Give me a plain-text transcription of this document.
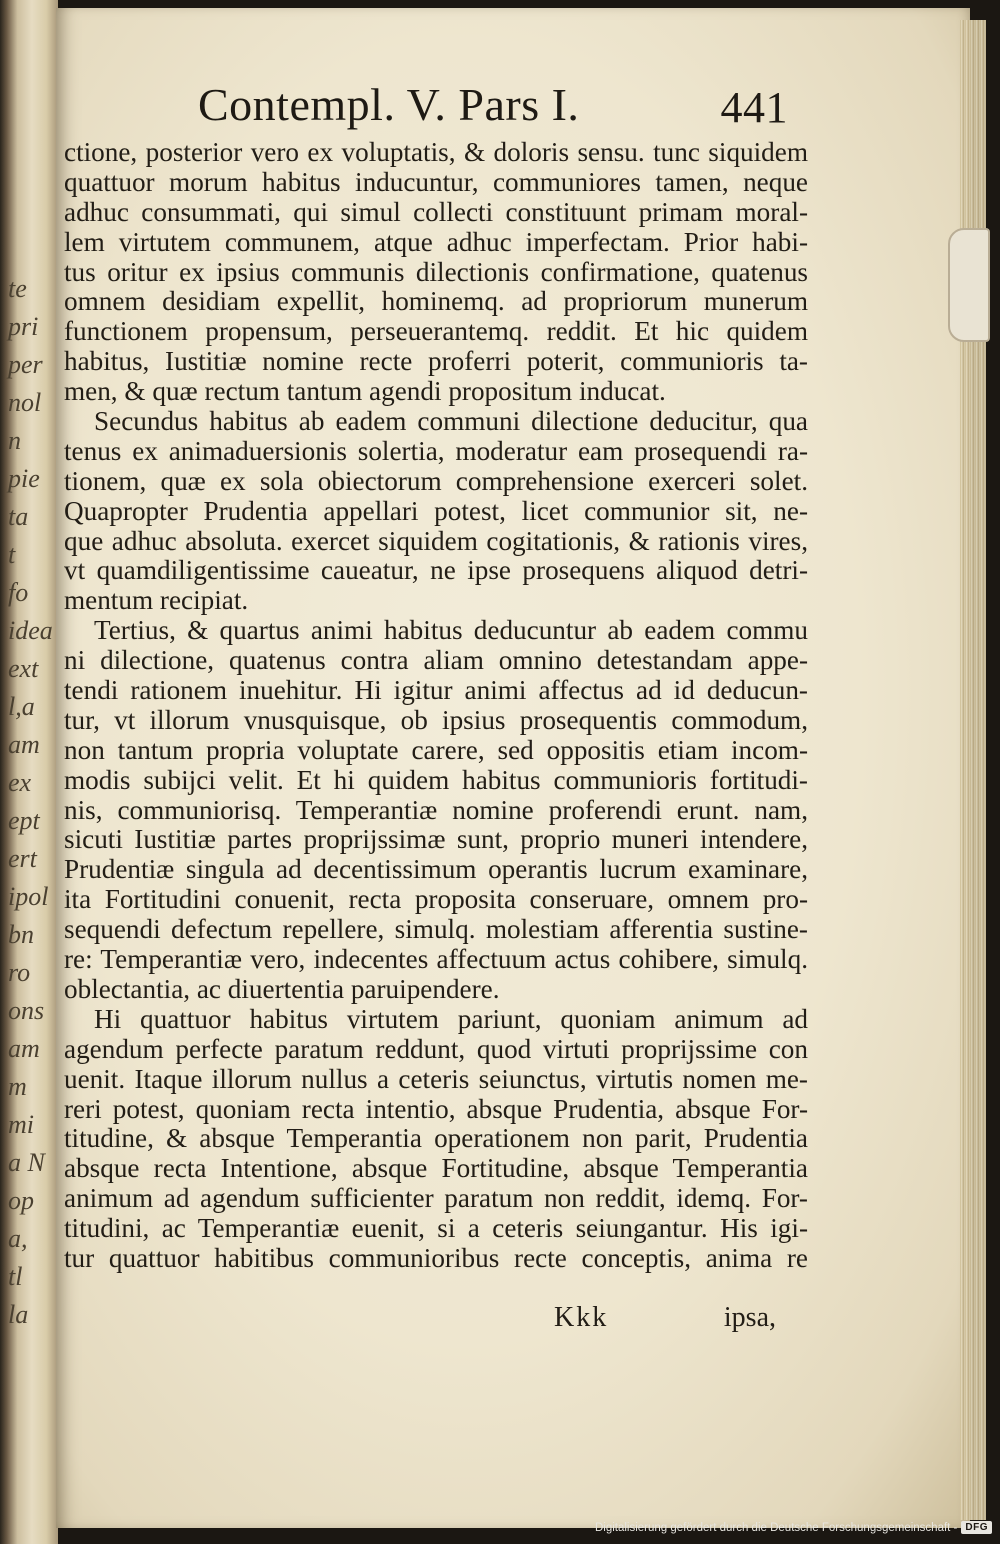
te
pri
per
nol
n
pie
ta
t
fo
idea
ext
l,a
am
ex
ept
ert
ipol
bn
ro
ons
am
m
mi
a N
op
a,
tl
la

Contempl. V. Pars I.	441
ctione, posterior vero ex voluptatis, & doloris sensu. tunc siquidem
quattuor morum habitus inducuntur, communiores tamen, neque
adhuc consummati, qui simul collecti constituunt primam moral-
lem virtutem communem, atque adhuc imperfectam. Prior habi-
tus oritur ex ipsius communis dilectionis confirmatione, quatenus
omnem desidiam expellit, hominemq. ad propriorum munerum
functionem propensum, perseuerantemq. reddit. Et hic quidem
habitus, Iustitiæ nomine recte proferri poterit, communioris ta-
men, & quæ rectum tantum agendi propositum inducat.
Secundus habitus ab eadem communi dilectione deducitur, qua
tenus ex animaduersionis solertia, moderatur eam prosequendi ra-
tionem, quæ ex sola obiectorum comprehensione exerceri solet.
Quapropter Prudentia appellari potest, licet communior sit, ne-
que adhuc absoluta. exercet siquidem cogitationis, & rationis vires,
vt quamdiligentissime caueatur, ne ipse prosequens aliquod detri-
mentum recipiat.
Tertius, & quartus animi habitus deducuntur ab eadem commu
ni dilectione, quatenus contra aliam omnino detestandam appe-
tendi rationem inuehitur. Hi igitur animi affectus ad id deducun-
tur, vt illorum vnusquisque, ob ipsius prosequentis commodum,
non tantum propria voluptate carere, sed oppositis etiam incom-
modis subijci velit. Et hi quidem habitus communioris fortitudi-
nis, communiorisq. Temperantiæ nomine proferendi erunt. nam,
sicuti Iustitiæ partes proprijssimæ sunt, proprio muneri intendere,
Prudentiæ singula ad decentissimum operantis lucrum examinare,
ita Fortitudini conuenit, recta proposita conseruare, omnem pro-
sequendi defectum repellere, simulq. molestiam afferentia sustine-
re: Temperantiæ vero, indecentes affectuum actus cohibere, simulq.
oblectantia, ac diuertentia paruipendere.
Hi quattuor habitus virtutem pariunt, quoniam animum ad
agendum perfecte paratum reddunt, quod virtuti proprijssime con
uenit. Itaque illorum nullus a ceteris seiunctus, virtutis nomen me-
reri potest, quoniam recta intentio, absque Prudentia, absque For-
titudine, & absque Temperantia operationem non parit, Prudentia
absque recta Intentione, absque Fortitudine, absque Temperantia
animum ad agendum sufficienter paratum non reddit, idemq. For-
titudini, ac Temperantiæ euenit, si a ceteris seiungantur. His igi-
tur quattuor habitibus communioribus recte conceptis, anima re
Kkk	ipsa,
Digitalisierung gefördert durch die Deutsche Forschungsgemeinschaft - DFG
